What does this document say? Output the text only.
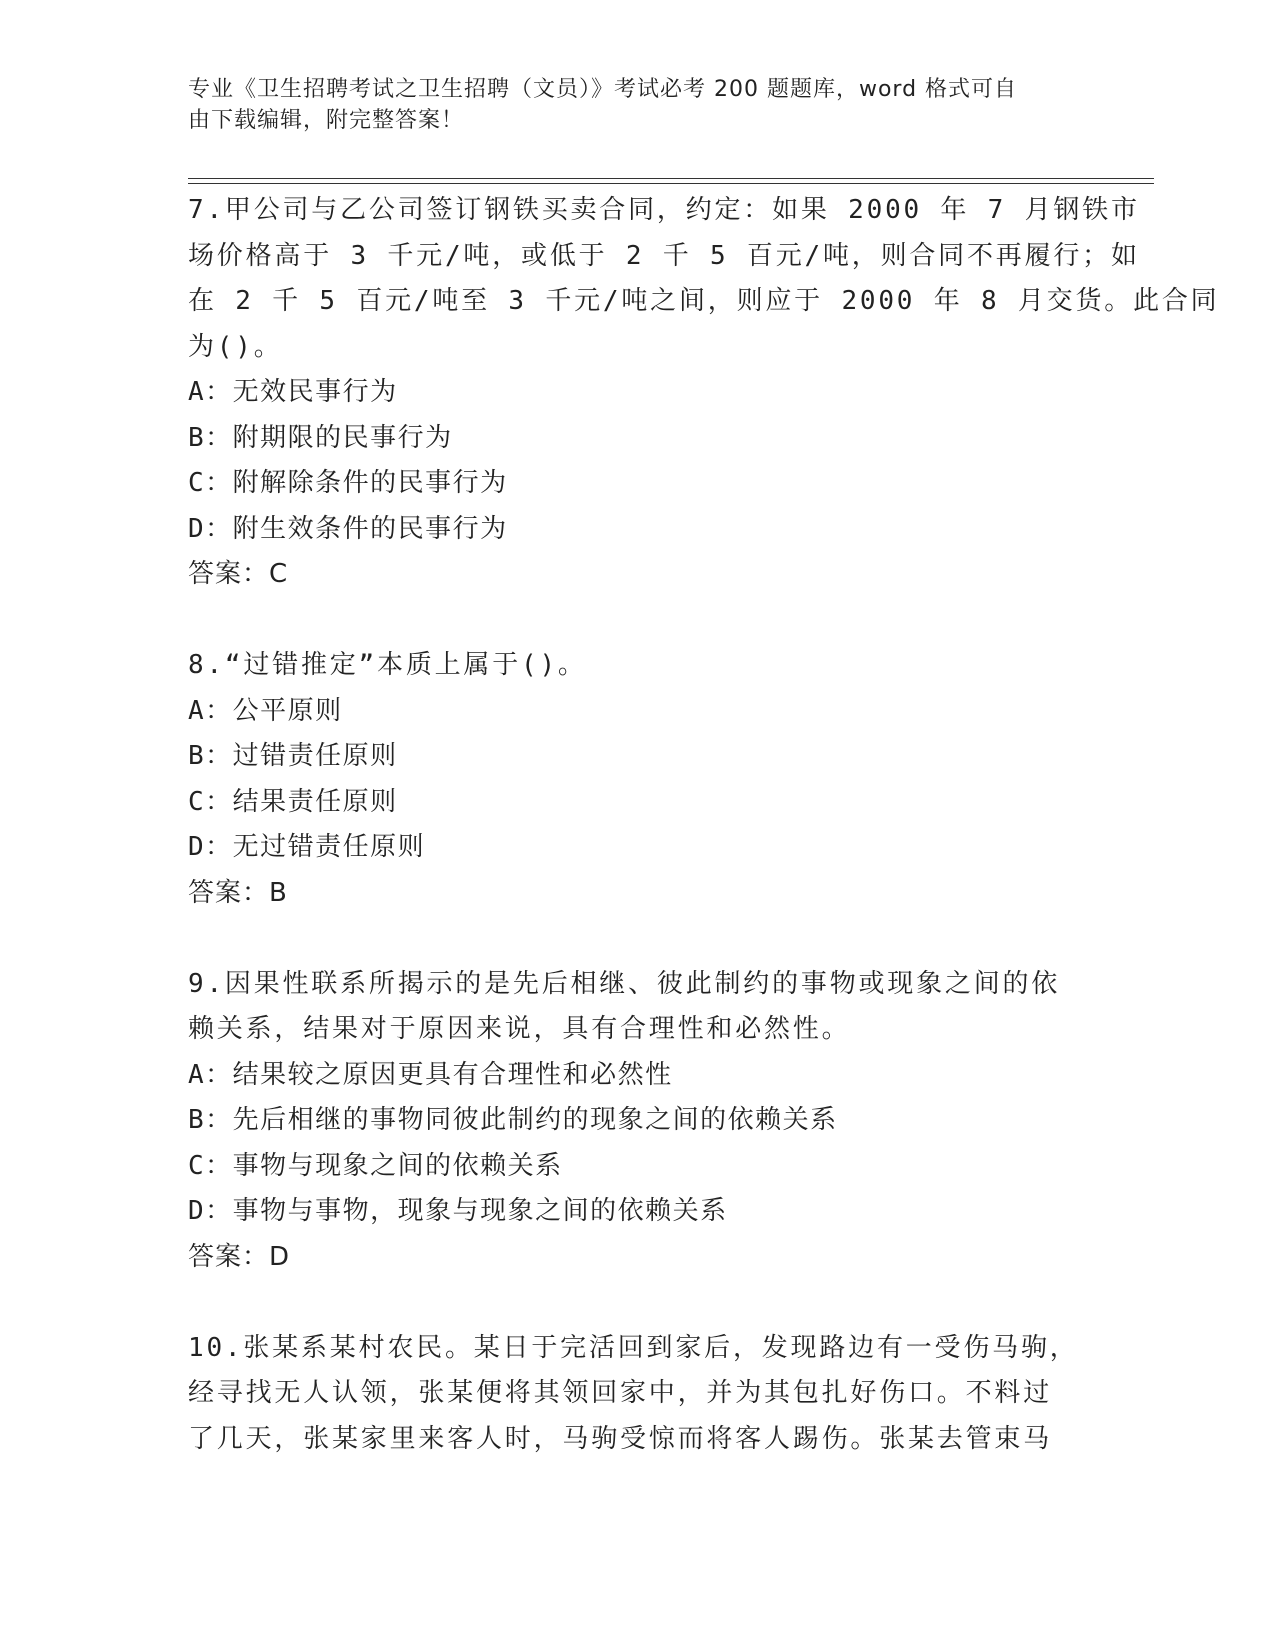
专业《卫生招聘考试之卫生招聘（文员）》考试必考 200 题题库，word 格式可自
由下载编辑，附完整答案！
7.甲公司与乙公司签订钢铁买卖合同，约定：如果 2000 年 7 月钢铁市
场价格高于 3 千元/吨，或低于 2 千 5 百元/吨，则合同不再履行；如
在 2 千 5 百元/吨至 3 千元/吨之间，则应于 2000 年 8 月交货。此合同
为()。
A：无效民事行为
B：附期限的民事行为
C：附解除条件的民事行为
D：附生效条件的民事行为
答案：C
8.“过错推定”本质上属于()。
A：公平原则
B：过错责任原则
C：结果责任原则
D：无过错责任原则
答案：B
9.因果性联系所揭示的是先后相继、彼此制约的事物或现象之间的依
赖关系，结果对于原因来说，具有合理性和必然性。
A：结果较之原因更具有合理性和必然性
B：先后相继的事物同彼此制约的现象之间的依赖关系
C：事物与现象之间的依赖关系
D：事物与事物，现象与现象之间的依赖关系
答案：D
10.张某系某村农民。某日于完活回到家后，发现路边有一受伤马驹，
经寻找无人认领，张某便将其领回家中，并为其包扎好伤口。不料过
了几天，张某家里来客人时，马驹受惊而将客人踢伤。张某去管束马
